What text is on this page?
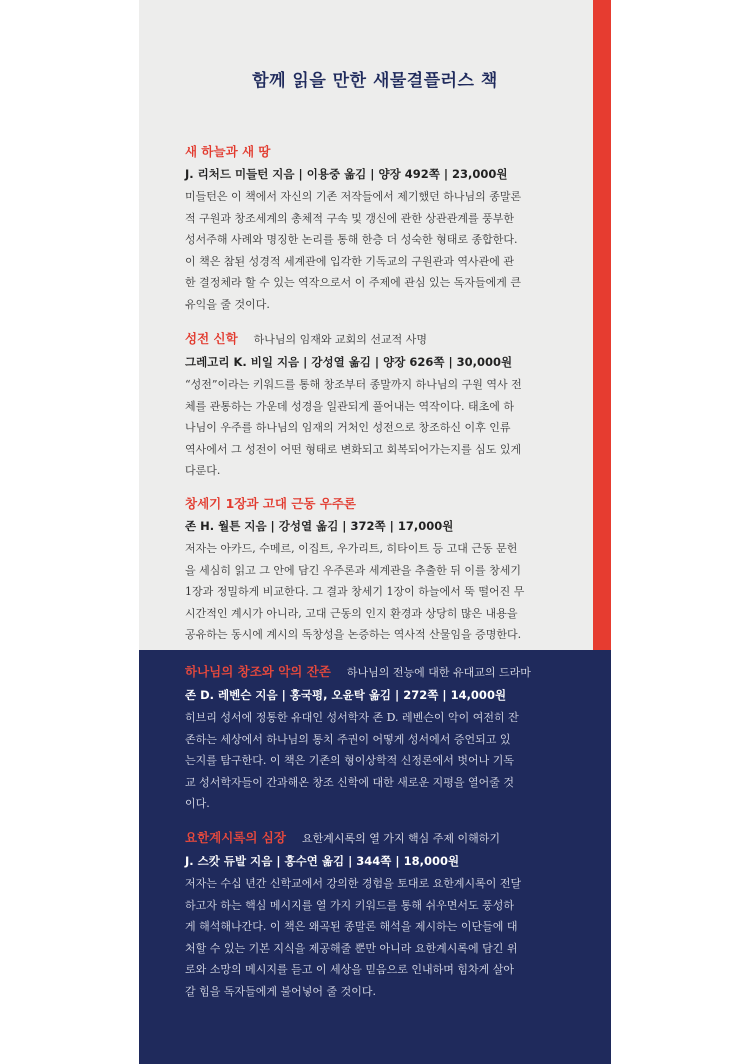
함께 읽을 만한 새물결플러스 책
새 하늘과 새 땅
J. 리처드 미들턴 지음 | 이용중 옮김 | 양장 492쪽 | 23,000원
미들턴은 이 책에서 자신의 기존 저작들에서 제기했던 하나님의 종말론
적 구원과 창조세계의 총체적 구속 및 갱신에 관한 상관관계를 풍부한
성서주해 사례와 명징한 논리를 통해 한층 더 성숙한 형태로 종합한다.
이 책은 참된 성경적 세계관에 입각한 기독교의 구원관과 역사관에 관
한 결정체라 할 수 있는 역작으로서 이 주제에 관심 있는 독자들에게 큰
유익을 줄 것이다.
성전 신학 하나님의 임재와 교회의 선교적 사명
그레고리 K. 비일 지음 | 강성열 옮김 | 양장 626쪽 | 30,000원
“성전”이라는 키워드를 통해 창조부터 종말까지 하나님의 구원 역사 전
체를 관통하는 가운데 성경을 일관되게 풀어내는 역작이다. 태초에 하
나님이 우주를 하나님의 임재의 거처인 성전으로 창조하신 이후 인류
역사에서 그 성전이 어떤 형태로 변화되고 회복되어가는지를 심도 있게
다룬다.
창세기 1장과 고대 근동 우주론
존 H. 월튼 지음 | 강성열 옮김 | 372쪽 | 17,000원
저자는 아카드, 수메르, 이집트, 우가리트, 히타이트 등 고대 근동 문헌
을 세심히 읽고 그 안에 담긴 우주론과 세계관을 추출한 뒤 이를 창세기
1장과 정밀하게 비교한다. 그 결과 창세기 1장이 하늘에서 뚝 떨어진 무
시간적인 계시가 아니라, 고대 근동의 인지 환경과 상당히 많은 내용을
공유하는 동시에 계시의 독창성을 논증하는 역사적 산물임을 증명한다.
하나님의 창조와 악의 잔존 하나님의 전능에 대한 유대교의 드라마
존 D. 레벤슨 지음 | 홍국평, 오윤탁 옮김 | 272쪽 | 14,000원
히브리 성서에 정통한 유대인 성서학자 존 D. 레벤슨이 악이 여전히 잔
존하는 세상에서 하나님의 통치 주권이 어떻게 성서에서 증언되고 있
는지를 탐구한다. 이 책은 기존의 형이상학적 신정론에서 벗어나 기독
교 성서학자들이 간과해온 창조 신학에 대한 새로운 지평을 열어줄 것
이다.
요한계시록의 심장 요한계시록의 열 가지 핵심 주제 이해하기
J. 스캇 듀발 지음 | 홍수연 옮김 | 344쪽 | 18,000원
저자는 수십 년간 신학교에서 강의한 경험을 토대로 요한계시록이 전달
하고자 하는 핵심 메시지를 열 가지 키워드를 통해 쉬우면서도 풍성하
게 해석해나간다. 이 책은 왜곡된 종말론 해석을 제시하는 이단들에 대
처할 수 있는 기본 지식을 제공해줄 뿐만 아니라 요한계시록에 담긴 위
로와 소망의 메시지를 듣고 이 세상을 믿음으로 인내하며 힘차게 살아
갈 힘을 독자들에게 불어넣어 줄 것이다.
